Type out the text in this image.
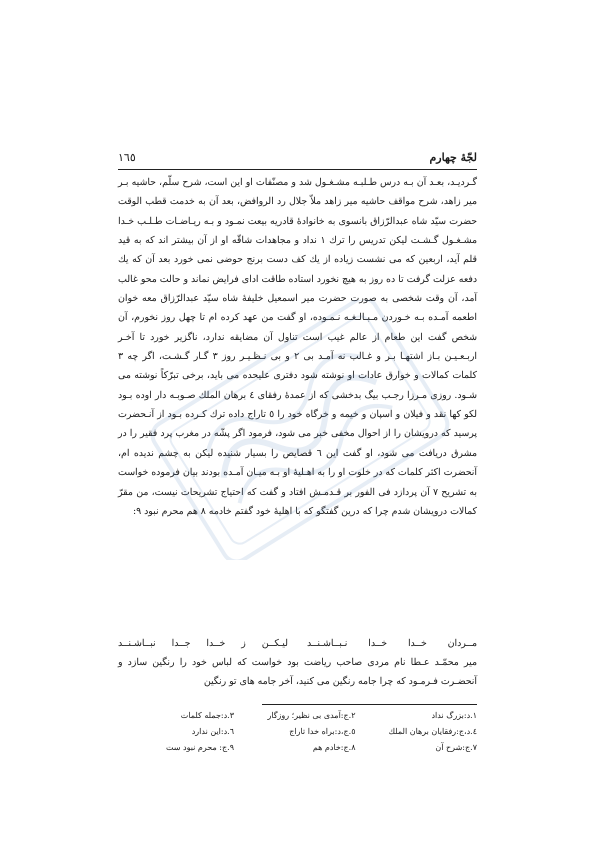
١٦٥	لجّهٔ چهارم

گـردیـد، بعـد آن بـه درس طـلبـه مشـغـول شد و مصنّفات او این است، شرح سلّم، حاشیه بـر میر زاهد، شرح مواقف حاشیه میر زاهد ملاّ جلال رد الروافض، بعد آن به خدمت قطب الوقت حضرت سیّد شاه عبدالرّزاق بانسوی به خانوادهٔ قادریه بیعت نمـود و بـه ریـاضـات طـلـب خـدا مشـغـول گـشـت لیکن تدریس را ترك ١ نداد و مجاهدات شاقّه او از آن بیشتر اند که به قید قلم آید، اربعین که می نشست زیاده از یك کف دست برنج حوضی نمی خورد بعد آن که یك دفعه عزلت گرفت تا ده روز به هیچ نخورد استاده طاقت ادای فرایض نماند و حالت محو غالب آمد، آن وقت شخصی به صورت حضرت میر اسمعیل خلیفهٔ شاه سیّد عبدالرّزاق معه خوان اطعمه آمـده بـه خـوردن مـبـالـغـه نـمـوده، او گفت من عهد کرده ام تا چهل روز نخورم، آن شخص گفت این طعام از عالم غیب است تناول آن مضایقه ندارد، ناگزیر خورد تا آخـر اربـعـیـن بـاز اشتهـا بـر و غـالب نه آمـد بی ٢ و بی نـظـیـر روز ٣ گـار گـشـت، اگر چه ٣ کلمات کمالات و خوارق عادات او نوشته شود دفتری علیحده می باید، برخی تبرّکاً نوشته می شـود. روزی مـرزا رجـب بیگ بدخشی که از عمدهٔ رفقای ٤ برهان الملك صـوبـه دار اوده بـود لکو کها نقد و فیلان و اسپان و خیمه و خرگاه خود را ٥ تاراج داده ترك کـرده بـود از آنـحضرت پرسید که درویشان را از احوال مخفی خبر می شود، فرمود اگر پشّه در مغرب پرد فقیر را در مشرق دریافت می شود، او گفت این ٦ قصایص را بسیار شنیده لیکن به چشم ندیده ام، آنحضرت اکثر کلمات که در خلوت او را به اهـلیهٔ او بـه میـان آمـده بودند بیان فرموده خواست به تشریح ٧ آن پردازد فی الفور بر قـدمـش افتاد و گفت که احتیاج تشریحات نیست، من مقرّ کمالات درویشان شدم چرا که درین گفتگو که با اهلیهٔ خود گفتم خادمه ٨ هم محرم نبود ٩:

مــردان خــدا خــدا نـبــاشـنــد
لیـکــن ز خــدا جــدا نبــاشـنــد

میر محمّـد عـطا نام مردی صاحب ریاضت بود خواست که لباس خود را رنگین سازد و آنحضـرت فـرمـود که چرا جامه رنگین می کنید، آخر جامه های تو رنگین

١.د:‌بزرگ‌ نداد
٢.ج:‌آمدی بی نظیر؛ روزگار
٣.د:‌جمله‌ کلمات
٤.د،ج:‌رفقایان‌ برهان الملك
٥.ج،د:‌براه‌ خدا‌ تاراج
٦.د:‌این‌ ندارد
٧.ج:‌شرح‌ آن
٨.ج:‌خادم‌ هم
٩.ج:‌ محرم ‌نبود ست
